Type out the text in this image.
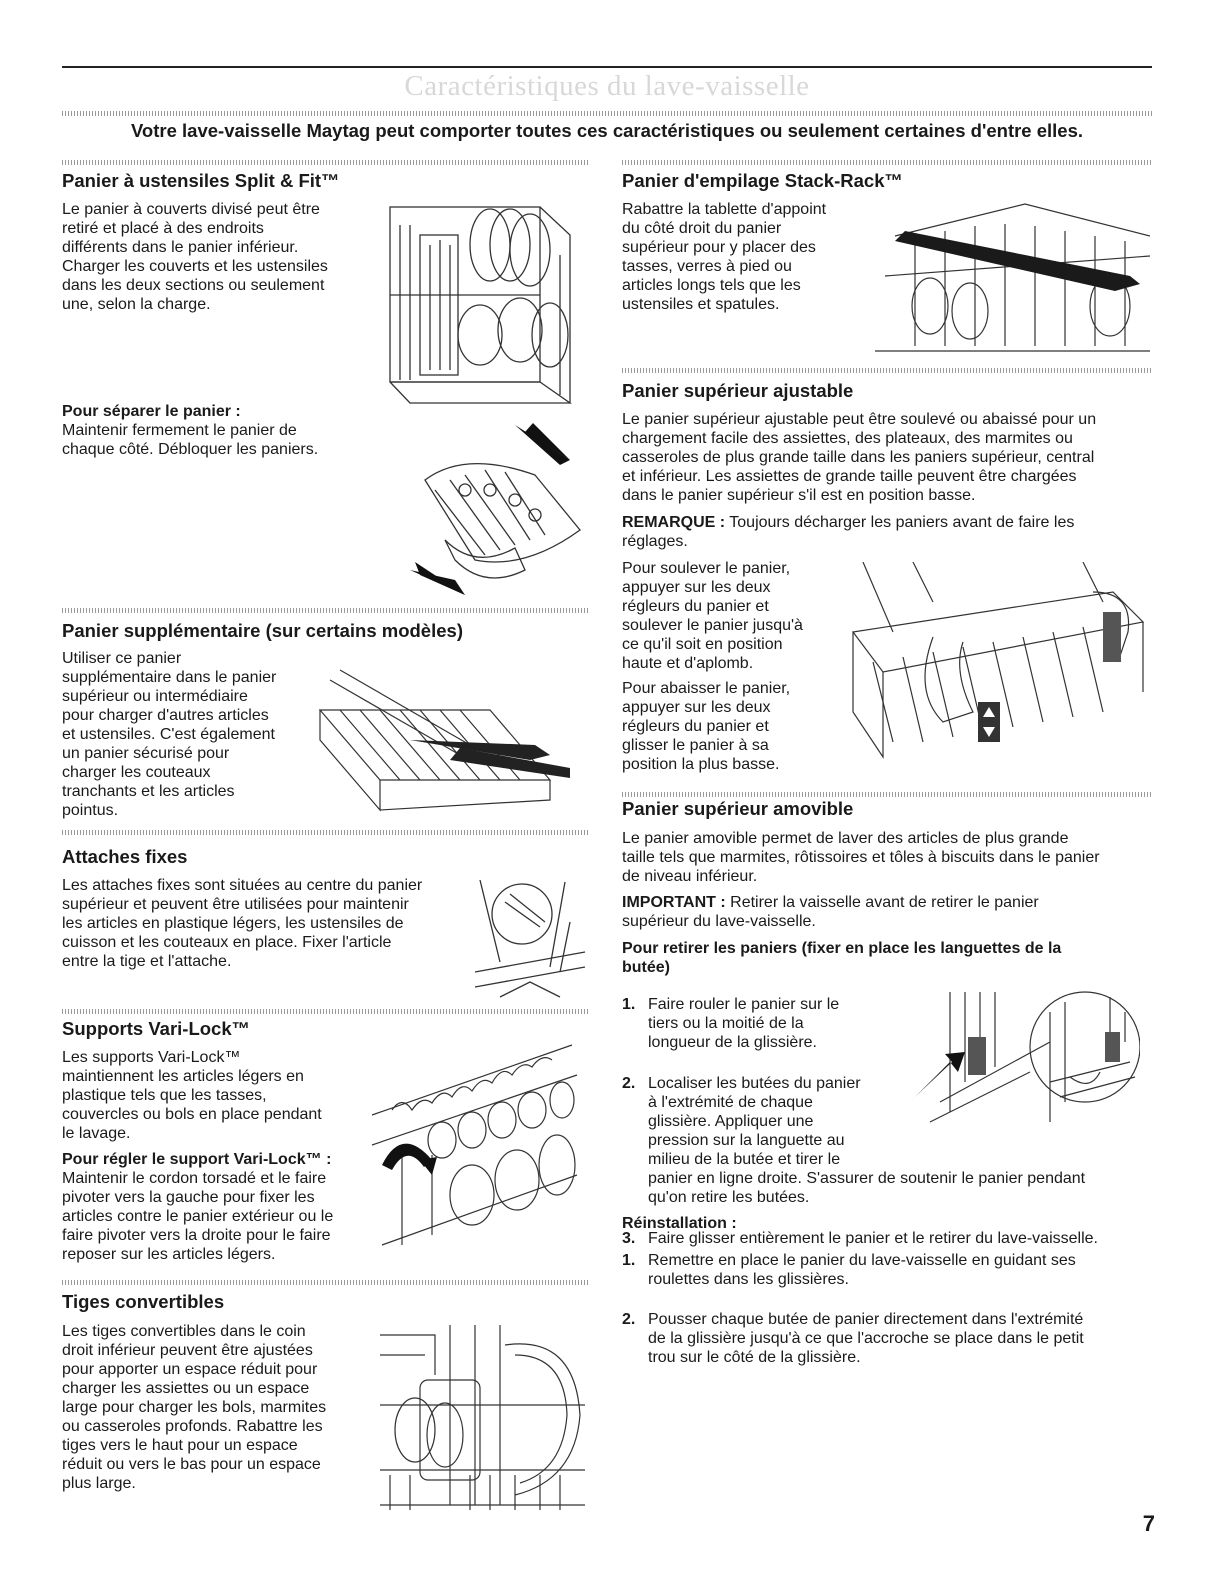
Caractéristiques du lave-vaisselle
Votre lave-vaisselle Maytag peut comporter toutes ces caractéristiques ou seulement certaines d'entre elles.
Panier à ustensiles Split & Fit™

Le panier à couverts divisé peut être
retiré et placé à des endroits
différents dans le panier inférieur.
Charger les couverts et les ustensiles
dans les deux sections ou seulement
une, selon la charge.

Pour séparer le panier :

Maintenir fermement le panier de
chaque côté. Débloquer les paniers.

Panier supplémentaire (sur certains modèles)

Utiliser ce panier
supplémentaire dans le panier
supérieur ou intermédiaire
pour charger d'autres articles
et ustensiles. C'est également
un panier sécurisé pour
charger les couteaux
tranchants et les articles
pointus.

Attaches fixes

Les attaches fixes sont situées au centre du panier
supérieur et peuvent être utilisées pour maintenir
les articles en plastique légers, les ustensiles de
cuisson et les couteaux en place. Fixer l'article
entre la tige et l'attache.

Supports Vari-Lock™

Les supports Vari-Lock™
maintiennent les articles légers en
plastique tels que les tasses,
couvercles ou bols en place pendant
le lavage.

Pour régler le support Vari-Lock™ :

Maintenir le cordon torsadé et le faire
pivoter vers la gauche pour fixer les
articles contre le panier extérieur ou le
faire pivoter vers la droite pour le faire
reposer sur les articles légers.

Tiges convertibles

Les tiges convertibles dans le coin
droit inférieur peuvent être ajustées
pour apporter un espace réduit pour
charger les assiettes ou un espace
large pour charger les bols, marmites
ou casseroles profonds. Rabattre les
tiges vers le haut pour un espace
réduit ou vers le bas pour un espace
plus large.

Panier d'empilage Stack-Rack™

Rabattre la tablette d'appoint
du côté droit du panier
supérieur pour y placer des
tasses, verres à pied ou
articles longs tels que les
ustensiles et spatules.

Panier supérieur ajustable

Le panier supérieur ajustable peut être soulevé ou abaissé pour un
chargement facile des assiettes, des plateaux, des marmites ou
casseroles de plus grande taille dans les paniers supérieur, central
et inférieur. Les assiettes de grande taille peuvent être chargées
dans le panier supérieur s'il est en position basse.

REMARQUE : Toujours décharger les paniers avant de faire les
réglages.

Pour soulever le panier,
appuyer sur les deux
régleurs du panier et
soulever le panier jusqu'à
ce qu'il soit en position
haute et d'aplomb.

Pour abaisser le panier,
appuyer sur les deux
régleurs du panier et
glisser le panier à sa
position la plus basse.

Panier supérieur amovible

Le panier amovible permet de laver des articles de plus grande
taille tels que marmites, rôtissoires et tôles à biscuits dans le panier
de niveau inférieur.

IMPORTANT : Retirer la vaisselle avant de retirer le panier
supérieur du lave-vaisselle.

Pour retirer les paniers (fixer en place les languettes de la
butée)

1. Faire rouler le panier sur le
tiers ou la moitié de la
longueur de la glissière.

2. Localiser les butées du panier
à l'extrémité de chaque
glissière. Appliquer une
pression sur la languette au
milieu de la butée et tirer le
panier en ligne droite. S'assurer de soutenir le panier pendant
qu'on retire les butées.

3. Faire glisser entièrement le panier et le retirer du lave-vaisselle.

Réinstallation :

1. Remettre en place le panier du lave-vaisselle en guidant ses
roulettes dans les glissières.

2. Pousser chaque butée de panier directement dans l'extrémité
de la glissière jusqu'à ce que l'accroche se place dans le petit
trou sur le côté de la glissière.

7
